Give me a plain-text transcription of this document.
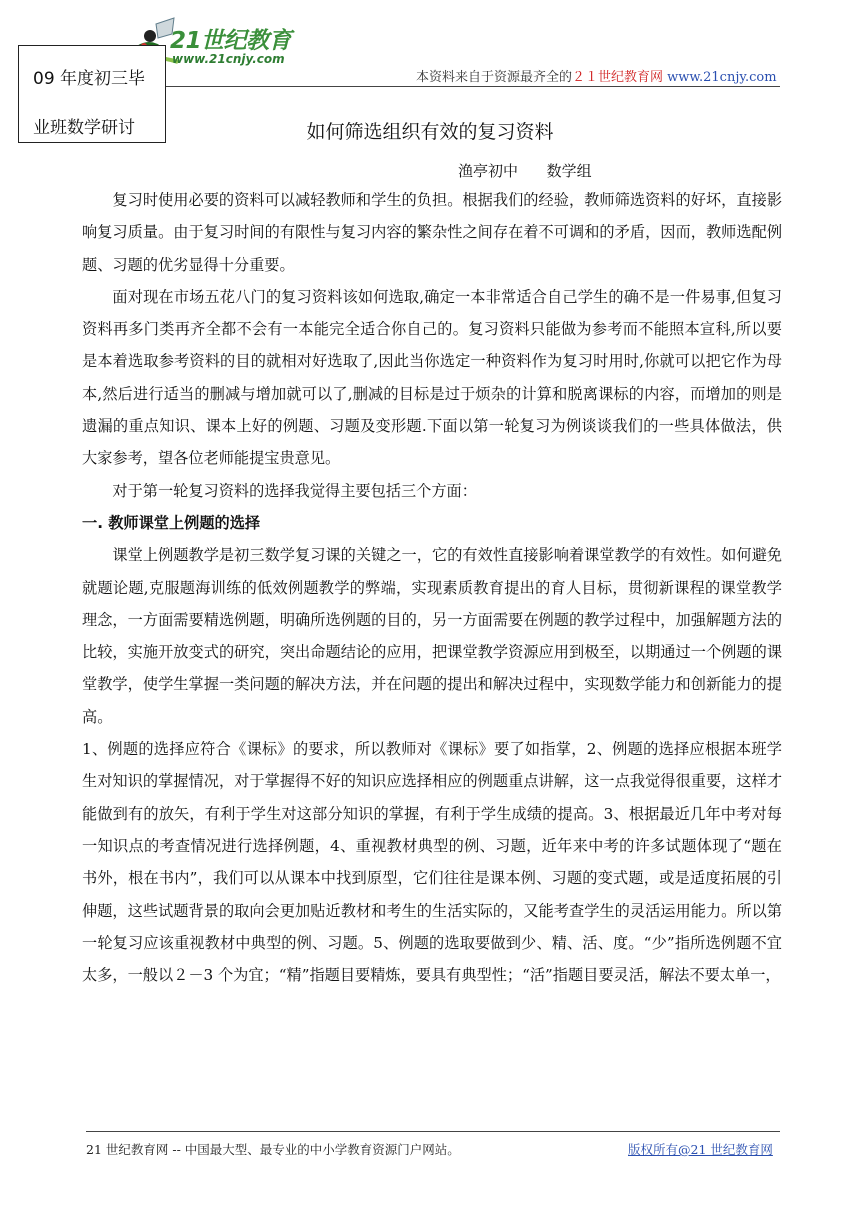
21世纪教育
www.21cnjy.com
本资料来自于资源最齐全的２１世纪教育网 www.21cnjy.com
09 年度初三毕
业班数学研讨	如何筛选组织有效的复习资料
渔亭初中      数学组

复习时使用必要的资料可以减轻教师和学生的负担。根据我们的经验，教师筛选资料的好坏，直接影响复习质量。由于复习时间的有限性与复习内容的繁杂性之间存在着不可调和的矛盾，因而，教师选配例题、习题的优劣显得十分重要。

面对现在市场五花八门的复习资料该如何选取,确定一本非常适合自己学生的确不是一件易事,但复习资料再多门类再齐全都不会有一本能完全适合你自己的。复习资料只能做为参考而不能照本宣科,所以要是本着选取参考资料的目的就相对好选取了,因此当你选定一种资料作为复习时用时,你就可以把它作为母本,然后进行适当的删减与增加就可以了,删减的目标是过于烦杂的计算和脱离课标的内容，而增加的则是遗漏的重点知识、课本上好的例题、习题及变形题.下面以第一轮复习为例谈谈我们的一些具体做法，供大家参考，望各位老师能提宝贵意见。

对于第一轮复习资料的选择我觉得主要包括三个方面：

一. 教师课堂上例题的选择

课堂上例题教学是初三数学复习课的关键之一，它的有效性直接影响着课堂教学的有效性。如何避免就题论题,克服题海训练的低效例题教学的弊端，实现素质教育提出的育人目标，贯彻新课程的课堂教学理念，一方面需要精选例题，明确所选例题的目的，另一方面需要在例题的教学过程中，加强解题方法的比较，实施开放变式的研究，突出命题结论的应用，把课堂教学资源应用到极至，以期通过一个例题的课堂教学，使学生掌握一类问题的解决方法，并在问题的提出和解决过程中，实现数学能力和创新能力的提高。

1、例题的选择应符合《课标》的要求，所以教师对《课标》要了如指掌，2、例题的选择应根据本班学生对知识的掌握情况，对于掌握得不好的知识应选择相应的例题重点讲解，这一点我觉得很重要，这样才能做到有的放矢，有利于学生对这部分知识的掌握，有利于学生成绩的提高。3、根据最近几年中考对每一知识点的考查情况进行选择例题，4、重视教材典型的例、习题，近年来中考的许多试题体现了“题在书外，根在书内”，我们可以从课本中找到原型，它们往往是课本例、习题的变式题，或是适度拓展的引伸题，这些试题背景的取向会更加贴近教材和考生的生活实际的，又能考查学生的灵活运用能力。所以第一轮复习应该重视教材中典型的例、习题。5、例题的选取要做到少、精、活、度。“少”指所选例题不宜太多，一般以２－3 个为宜；“精”指题目要精炼，要具有典型性；“活”指题目要灵活，解法不要太单一，

21 世纪教育网 -- 中国最大型、最专业的中小学教育资源门户网站。	版权所有@21 世纪教育网
